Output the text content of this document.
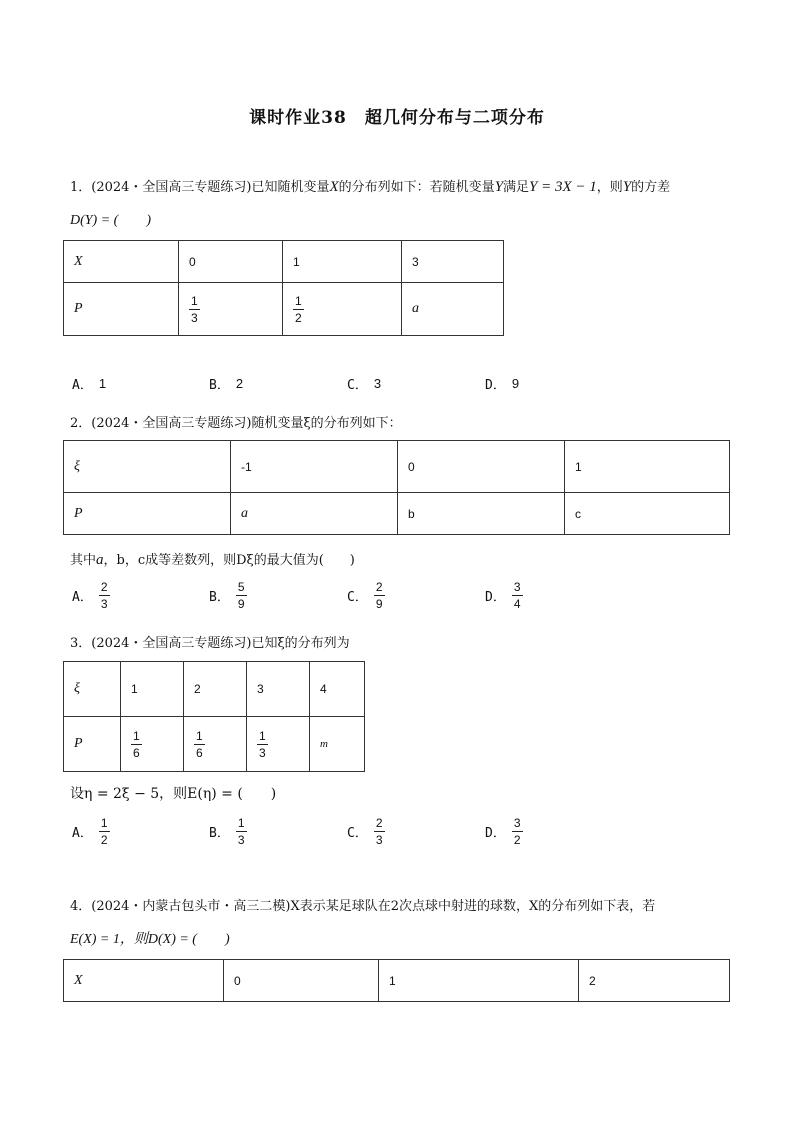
课时作业38　超几何分布与二项分布
1．(2024・全国高三专题练习)已知随机变量X的分布列如下：若随机变量Y满足Y = 3X − 1，则Y的方差
D(Y) = (　　)
X	0	1	3
P	$\frac{1}{3}$	$\frac{1}{2}$	a
A． 1	B． 2	C． 3	D． 9
2．(2024・全国高三专题练习)随机变量ξ的分布列如下：
ξ	-1	0	1
P	a	b	c
其中a，b，c成等差数列，则Dξ的最大值为(　　)
A． $\frac{2}{3}$	B． $\frac{5}{9}$	C． $\frac{2}{9}$	D． $\frac{3}{4}$
3．(2024・全国高三专题练习)已知ξ的分布列为
ξ	1	2	3	4
P	$\frac{1}{6}$	$\frac{1}{6}$	$\frac{1}{3}$	m
设η = 2ξ − 5，则E(η) = (　　)
A． $\frac{1}{2}$	B． $\frac{1}{3}$	C． $\frac{2}{3}$	D． $\frac{3}{2}$
4．(2024・内蒙古包头市・高三二模)X表示某足球队在2次点球中射进的球数，X的分布列如下表，若
E(X) = 1，则D(X) = (　　)
X	0	1	2
